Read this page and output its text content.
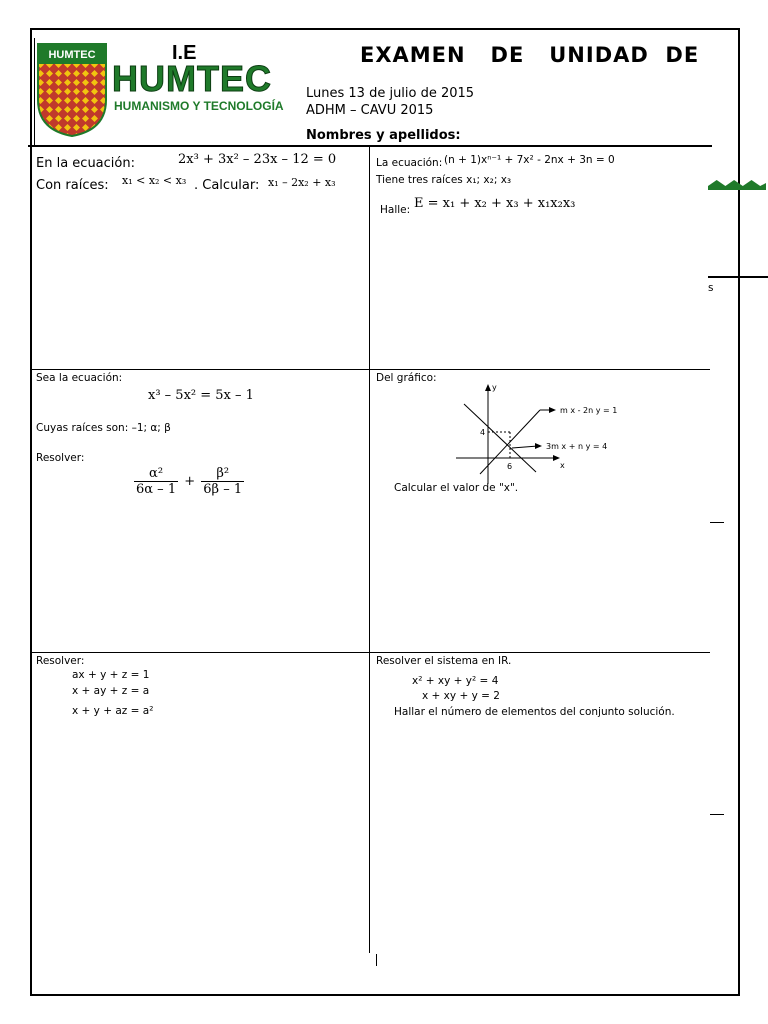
HUMTEC	I.E
HUMTEC
HUMANISMO Y TECNOLOGÍA
EXAMEN   DE   UNIDAD  DE
Lunes 13 de julio de 2015
ADHM – CAVU 2015
Nombres y apellidos:
s
En la ecuación:	2x³ + 3x² – 23x – 12 = 0
Con raíces: x₁ < x₂ < x₃ . Calcular: x₁ – 2x₂ + x₃
La ecuación: (n + 1)xⁿ⁻¹ + 7x² - 2nx + 3n = 0
Tiene tres raíces x₁; x₂; x₃
Halle: E = x₁ + x₂ + x₃ + x₁x₂x₃
Sea la ecuación:
x³ – 5x² = 5x – 1
Cuyas raíces son: –1; α; β
Resolver:
$\frac{\text{α²}}{6\alpha - 1} + \frac{\text{β²}}{6\beta - 1}$
Del gráfico:
y
x
4
6
m x - 2n y = 1
3m x + n y = 4
Calcular el valor de "x".
Resolver:
ax + y + z = 1
x + ay + z = a
x + y + az = a²
Resolver el sistema en IR.
x² + xy + y² = 4
x + xy + y = 2
Hallar el número de elementos del conjunto solución.
